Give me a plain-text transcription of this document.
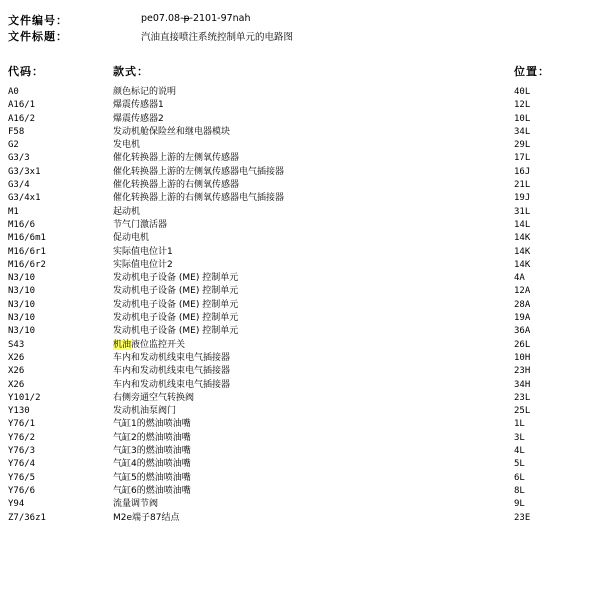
文件编号：	pe07.08-p-2101-97nah
文件标题：	汽油直接喷注系统控制单元的电路图
代码：	款式：	位置：
A0	颜色标记的说明	40L
A16/1	爆震传感器1	12L
A16/2	爆震传感器2	10L
F58	发动机舱保险丝和继电器模块	34L
G2	发电机	29L
G3/3	催化转换器上游的左侧氧传感器	17L
G3/3x1	催化转换器上游的左侧氧传感器电气插接器	16J
G3/4	催化转换器上游的右侧氧传感器	21L
G3/4x1	催化转换器上游的右侧氧传感器电气插接器	19J
M1	起动机	31L
M16/6	节气门激活器	14L
M16/6m1	促动电机	14K
M16/6r1	实际值电位计1	14K
M16/6r2	实际值电位计2	14K
N3/10	发动机电子设备 (ME) 控制单元	4A
N3/10	发动机电子设备 (ME) 控制单元	12A
N3/10	发动机电子设备 (ME) 控制单元	28A
N3/10	发动机电子设备 (ME) 控制单元	19A
N3/10	发动机电子设备 (ME) 控制单元	36A
S43	机油液位监控开关	26L
X26	车内和发动机线束电气插接器	10H
X26	车内和发动机线束电气插接器	23H
X26	车内和发动机线束电气插接器	34H
Y101/2	右侧旁通空气转换阀	23L
Y130	发动机油泵阀门	25L
Y76/1	气缸1的燃油喷油嘴	1L
Y76/2	气缸2的燃油喷油嘴	3L
Y76/3	气缸3的燃油喷油嘴	4L
Y76/4	气缸4的燃油喷油嘴	5L
Y76/5	气缸5的燃油喷油嘴	6L
Y76/6	气缸6的燃油喷油嘴	8L
Y94	流量调节阀	9L
Z7/36z1	M2e端子87结点	23E
